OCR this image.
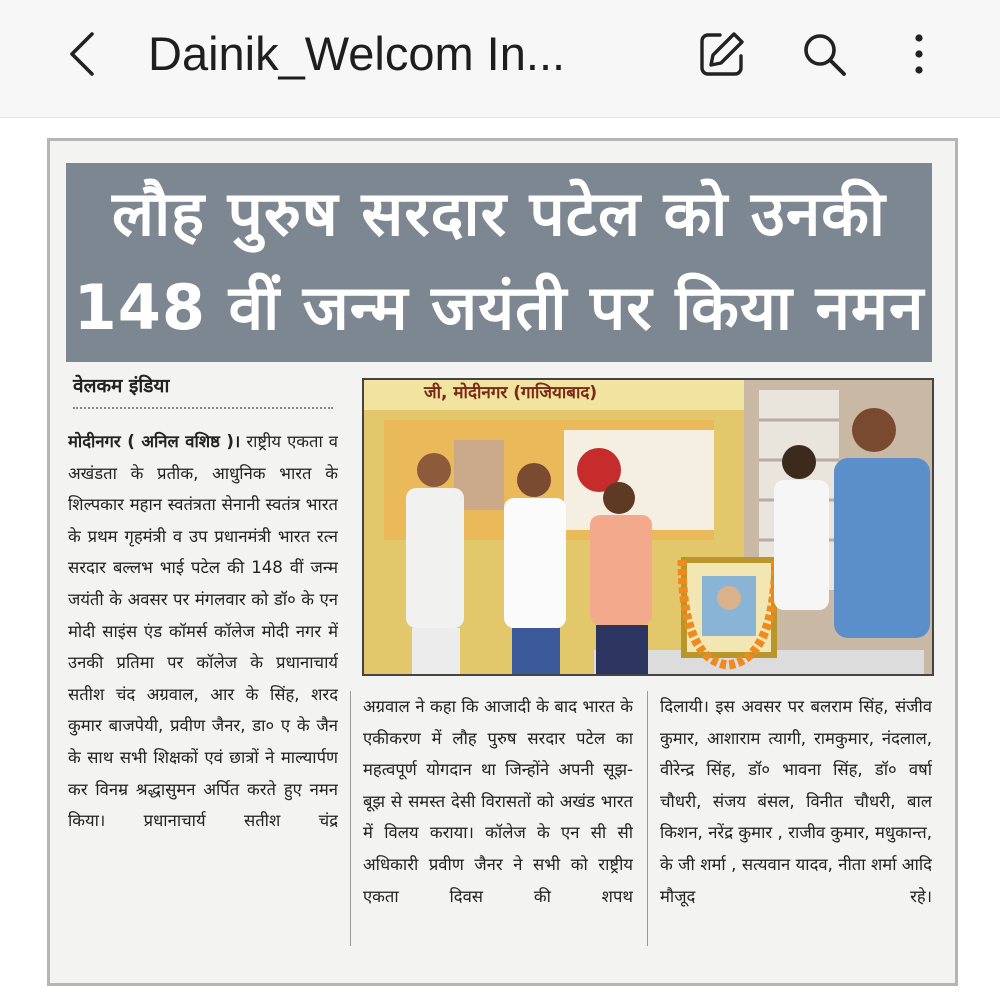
Dainik_Welcom In...
लौह पुरुष सरदार पटेल को उनकी
148 वीं जन्म जयंती पर किया नमन
वेलकम इंडिया	जी, मोदीनगर (गाजियाबाद)
मोदीनगर ( अनिल वशिष्ठ )। राष्ट्रीय एकता व अखंडता के प्रतीक, आधुनिक भारत के शिल्पकार महान स्वतंत्रता सेनानी स्वतंत्र भारत के प्रथम गृहमंत्री व उप प्रधानमंत्री भारत रत्न सरदार बल्लभ भाई पटेल की 148 वीं जन्म जयंती के अवसर पर मंगलवार को डॉ० के एन मोदी साइंस एंड कॉमर्स कॉलेज मोदी नगर में उनकी प्रतिमा पर कॉलेज के प्रधानाचार्य सतीश चंद अग्रवाल, आर के सिंह, शरद कुमार बाजपेयी, प्रवीण जैनर, डा० ए के जैन के साथ सभी शिक्षकों एवं छात्रों ने माल्यार्पण कर विनम्र श्रद्धासुमन अर्पित करते हुए नमन किया। प्रधानाचार्य सतीश चंद्र
अग्रवाल ने कहा कि आजादी के बाद भारत के एकीकरण में लौह पुरुष सरदार पटेल का महत्वपूर्ण योगदान था जिन्होंने अपनी सूझ-बूझ से समस्त देसी विरासतों को अखंड भारत में विलय कराया। कॉलेज के एन सी सी अधिकारी प्रवीण जैनर ने सभी को राष्ट्रीय एकता दिवस की शपथ
दिलायी। इस अवसर पर बलराम सिंह, संजीव कुमार, आशाराम त्यागी, रामकुमार, नंदलाल, वीरेन्द्र सिंह, डॉ० भावना सिंह, डॉ० वर्षा चौधरी, संजय बंसल, विनीत चौधरी, बाल किशन, नरेंद्र कुमार , राजीव कुमार, मधुकान्त, के जी शर्मा , सत्यवान यादव, नीता शर्मा आदि मौजूद रहे।
